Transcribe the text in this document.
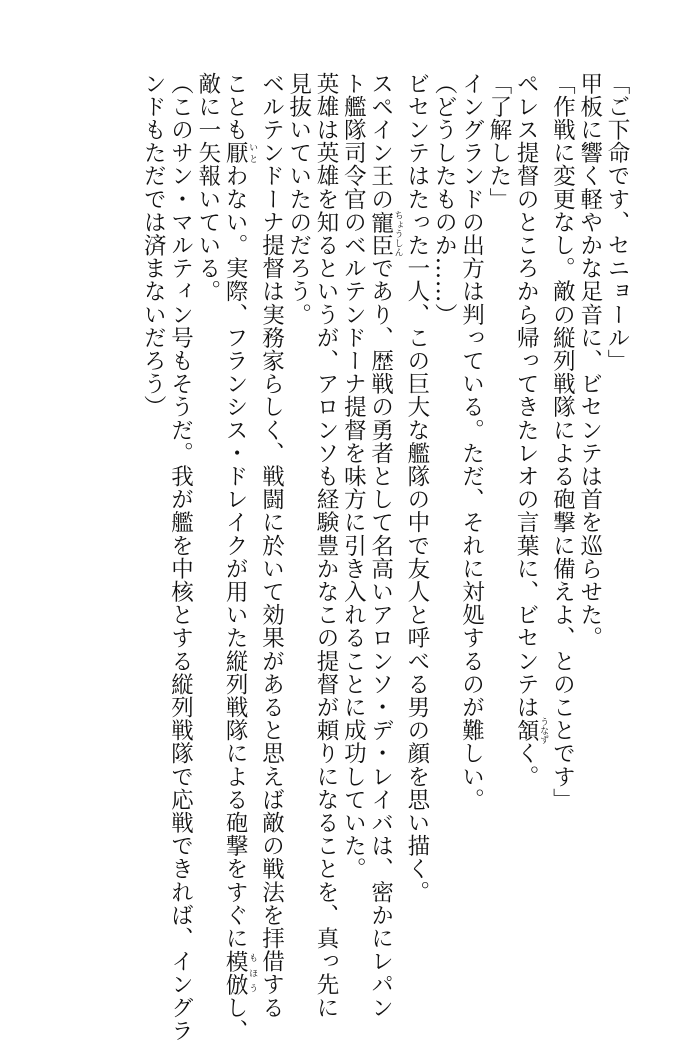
「ご下命です、セニョール」
甲板に響く軽やかな足音に、ビセンテは首を巡らせた。
「作戦に変更なし。敵の縦列戦隊による砲撃に備えよ、とのことです」
ペレス提督のところから帰ってきたレオの言葉に、ビセンテは頷 うなずく。
「了解した」
イングランドの出方は判っている。ただ、それに対処するのが難しい。
（どうしたものか……）
ビセンテはたった一人、この巨大な艦隊の中で友人と呼べる男の顔を思い描く。
スペイン王の寵臣 ちょうしんであり、歴戦の勇者として名高いアロンソ・デ・レイバは、密かにレパン
ト艦隊司令官のベルテンドーナ提督を味方に引き入れることに成功していた。
英雄は英雄を知るというが、アロンソも経験豊かなこの提督が頼りになることを、真っ先に
見抜いていたのだろう。
ベルテンドーナ提督は実務家らしく、戦闘に於いて効果があると思えば敵の戦法を拝借する
ことも厭 いとわない。実際、フランシス・ドレイクが用いた縦列戦隊による砲撃をすぐに模倣 もほうし、
敵に一矢報いている。
（このサン・マルティン号もそうだ。我が艦を中核とする縦列戦隊で応戦できれば、イングラ
ンドもただでは済まないだろう）
